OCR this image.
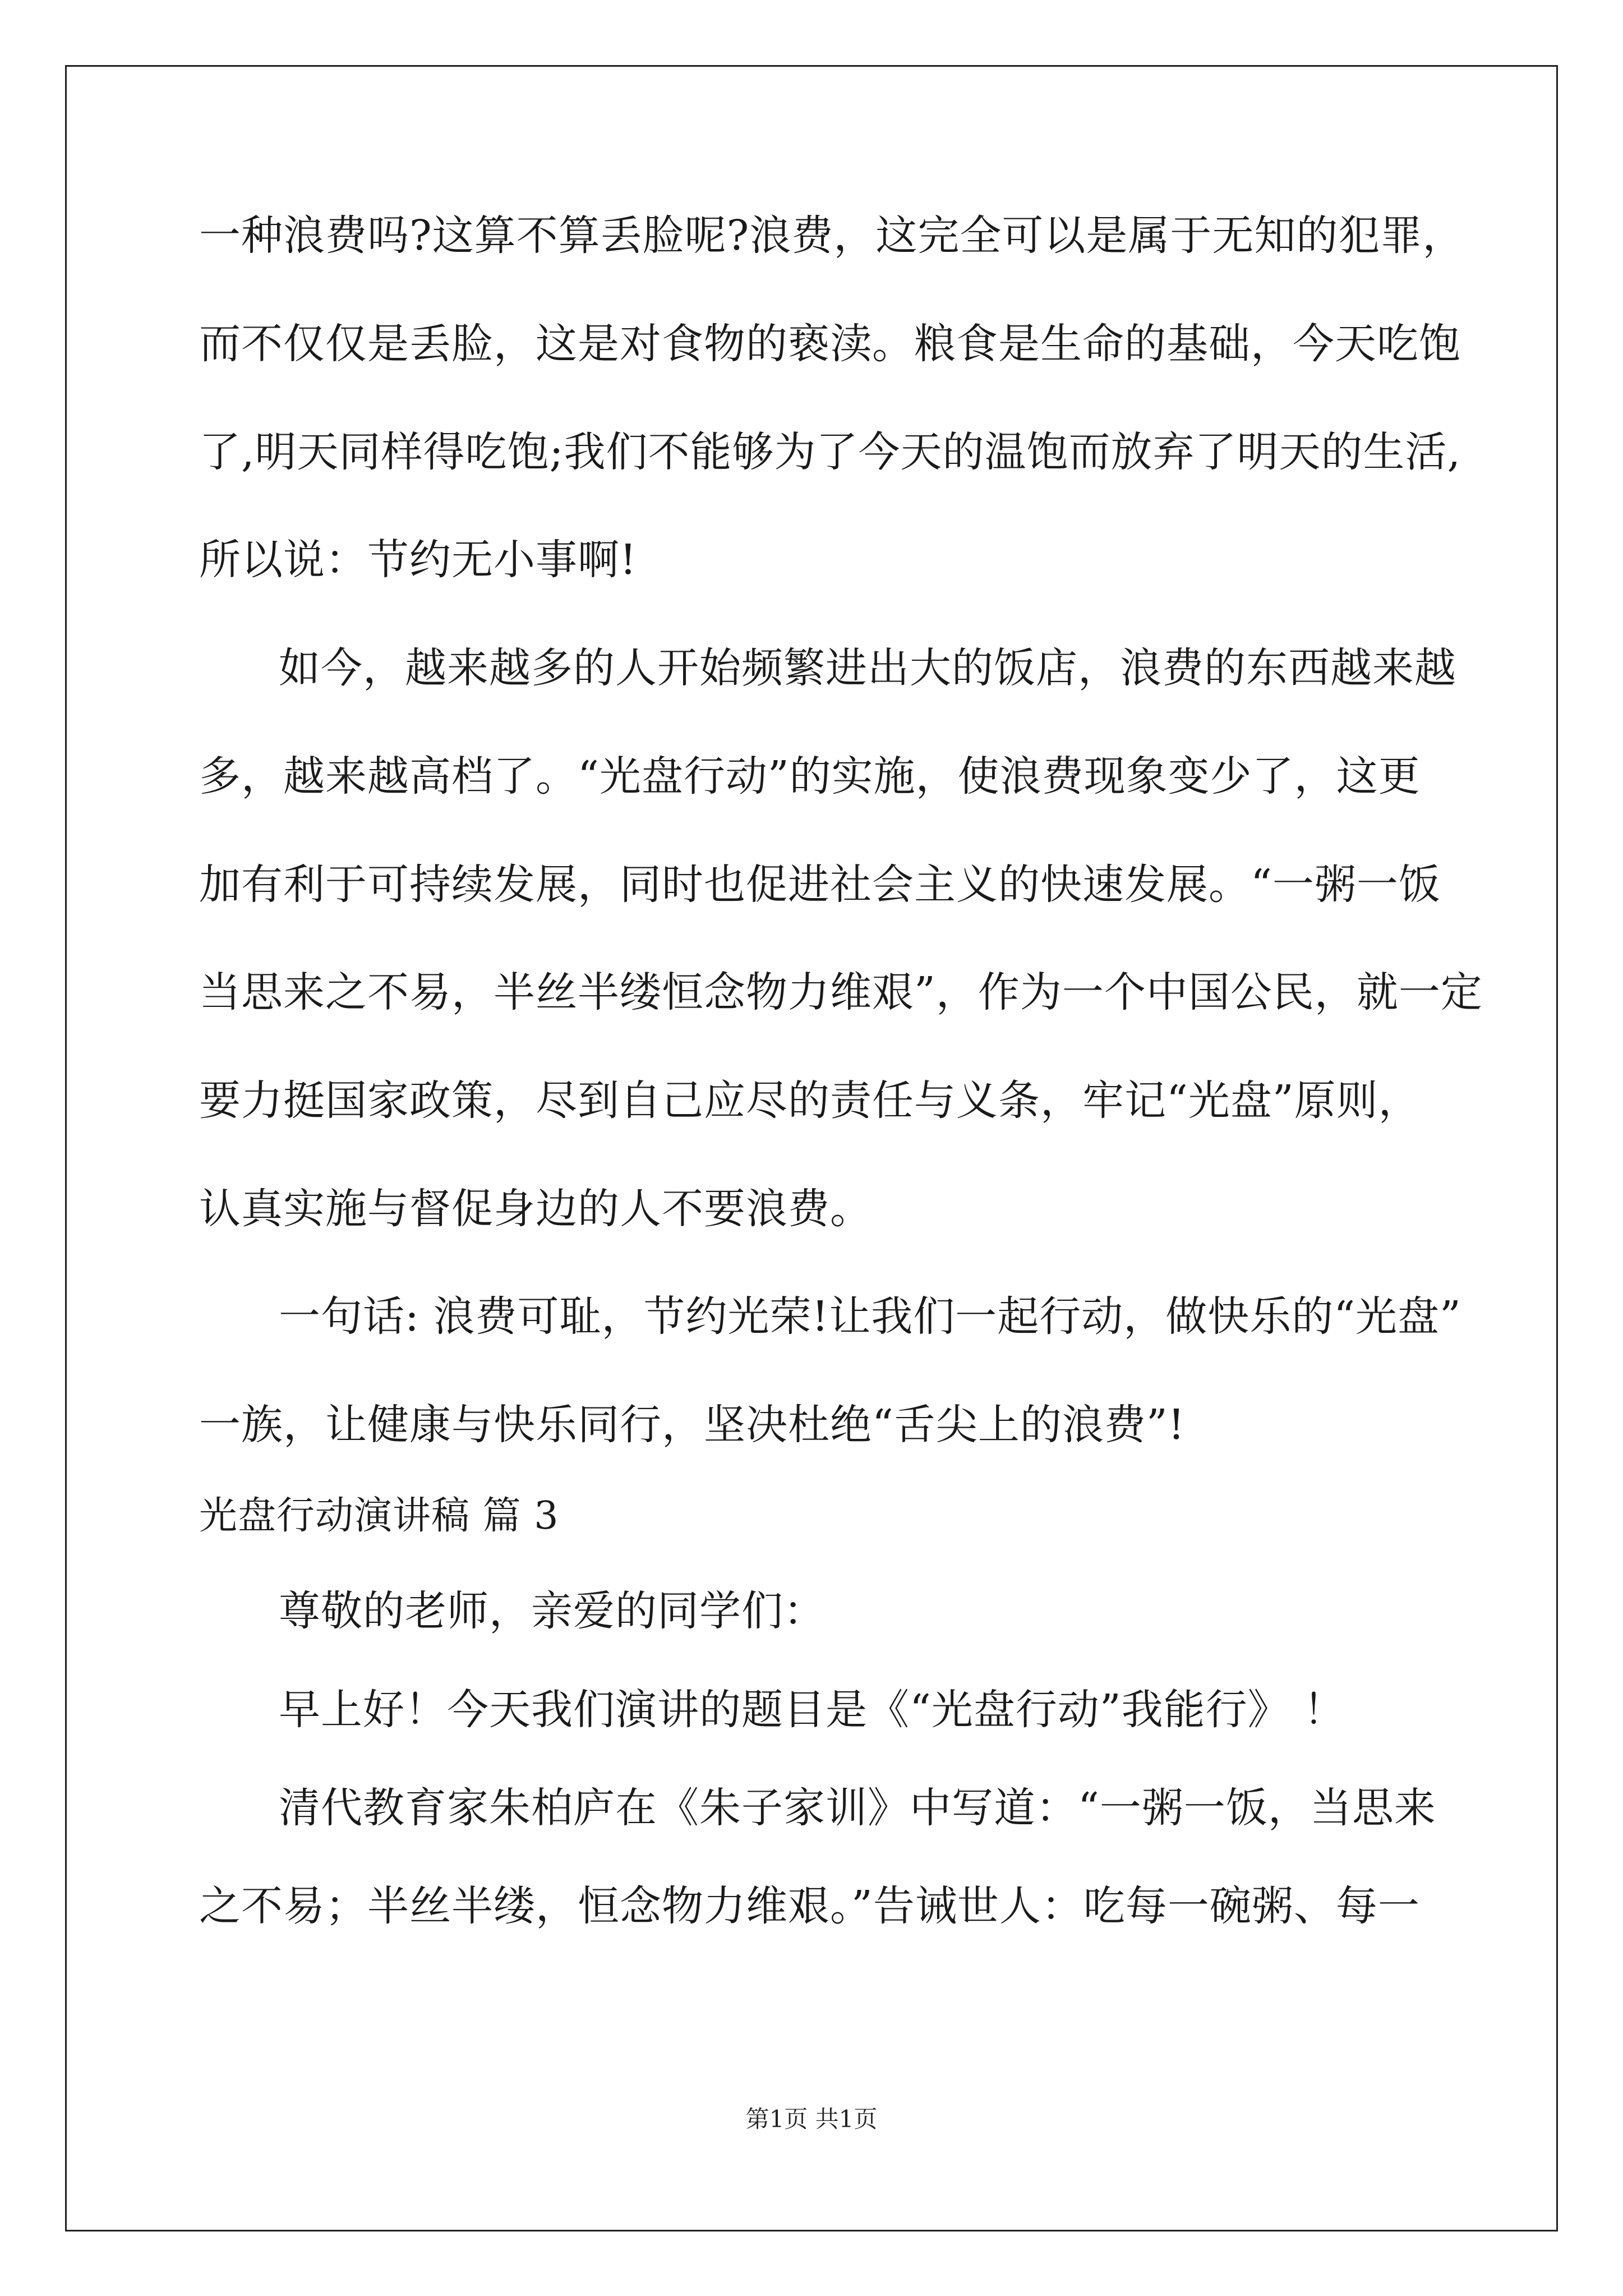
一种浪费吗?这算不算丢脸呢?浪费，这完全可以是属于无知的犯罪，
而不仅仅是丢脸，这是对食物的亵渎。粮食是生命的基础，今天吃饱
了,明天同样得吃饱;我们不能够为了今天的温饱而放弃了明天的生活,
所以说：节约无小事啊!
如今，越来越多的人开始频繁进出大的饭店，浪费的东西越来越
多，越来越高档了。“光盘行动”的实施，使浪费现象变少了，这更
加有利于可持续发展，同时也促进社会主义的快速发展。“一粥一饭
当思来之不易，半丝半缕恒念物力维艰”，作为一个中国公民，就一定
要力挺国家政策，尽到自己应尽的责任与义条，牢记“光盘”原则，
认真实施与督促身边的人不要浪费。
一句话: 浪费可耻，节约光荣!让我们一起行动，做快乐的“光盘”
一族，让健康与快乐同行，坚决杜绝“舌尖上的浪费”!
光盘行动演讲稿 篇 3
尊敬的老师，亲爱的同学们：
早上好！今天我们演讲的题目是《“光盘行动”我能行》 ！
清代教育家朱柏庐在《朱子家训》中写道：“一粥一饭，当思来
之不易；半丝半缕，恒念物力维艰。”告诫世人：吃每一碗粥、每一
第1页 共1页
